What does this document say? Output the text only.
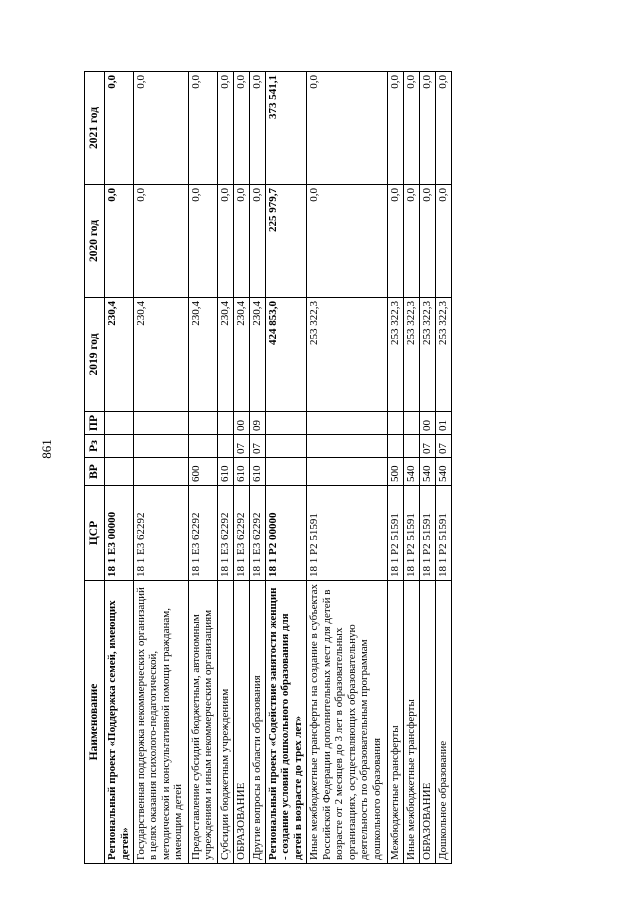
861
Наименование	ЦСР	ВР	Рз	ПР	2019 год	2020 год	2021 год
Региональный проект «Поддержка семей, имеющих детей»	18 1 E3 00000				230,4	0,0	0,0
Государственная поддержка некоммерческих организаций в целях оказания психолого-педагогической, методической и консультативной помощи гражданам, имеющим детей	18 1 E3 62292				230,4	0,0	0,0
Предоставление субсидий бюджетным, автономным учреждениям и иным некоммерческим организациям	18 1 E3 62292	600			230,4	0,0	0,0
Субсидии бюджетным учреждениям	18 1 E3 62292	610			230,4	0,0	0,0
ОБРАЗОВАНИЕ	18 1 E3 62292	610	07	00	230,4	0,0	0,0
Другие вопросы в области образования	18 1 E3 62292	610	07	09	230,4	0,0	0,0
Региональный проект «Содействие занятости женщин - создание условий дошкольного образования для детей в возрасте до трех лет»	18 1 P2 00000				424 853,0	225 979,7	373 541,1
Иные межбюджетные трансферты на создание в субъектах Российской Федерации дополнительных мест для детей в возрасте от 2 месяцев до 3 лет в образовательных организациях, осуществляющих образовательную деятельность по образовательным программам дошкольного образования	18 1 P2 51591				253 322,3	0,0	0,0
Межбюджетные трансферты	18 1 P2 51591	500			253 322,3	0,0	0,0
Иные межбюджетные трансферты	18 1 P2 51591	540			253 322,3	0,0	0,0
ОБРАЗОВАНИЕ	18 1 P2 51591	540	07	00	253 322,3	0,0	0,0
Дошкольное образование	18 1 P2 51591	540	07	01	253 322,3	0,0	0,0
